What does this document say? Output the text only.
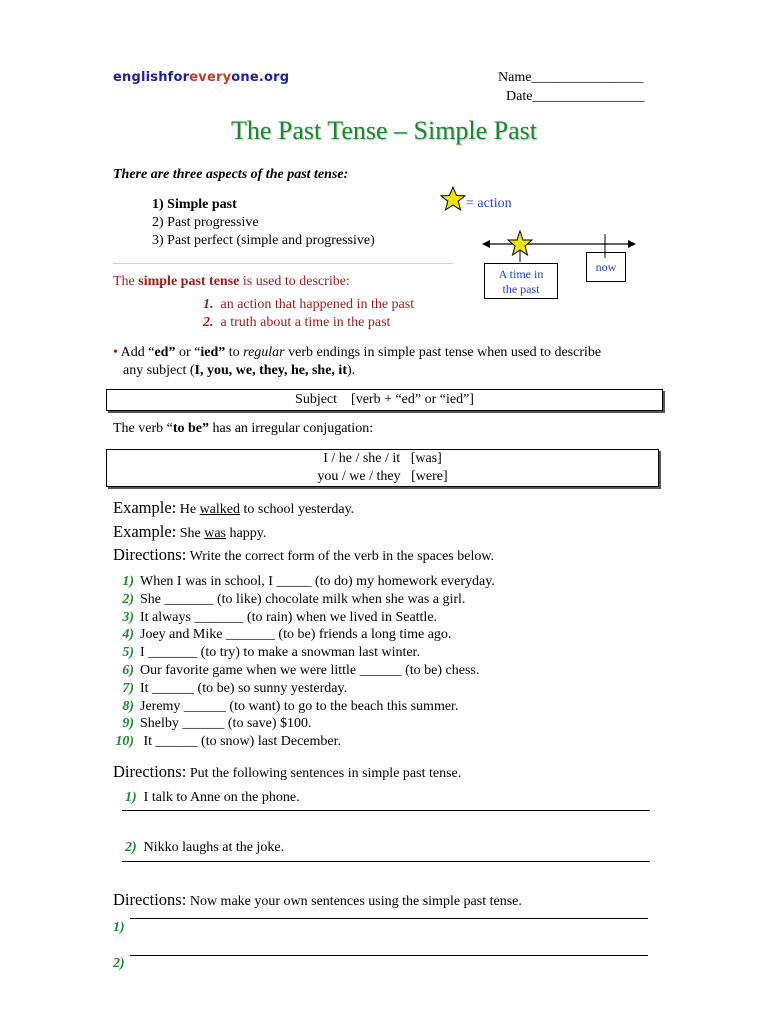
englishforeveryone.org	Name________________
Date________________
The Past Tense – Simple Past
There are three aspects of the past tense:
1) Simple past
2) Past progressive
3) Past perfect (simple and progressive)
= action
A time in
the past
now
The simple past tense is used to describe:
1. an action that happened in the past
2. a truth about a time in the past
• Add “ed” or “ied” to regular verb endings in simple past tense when used to describe
any subject (I, you, we, they, he, she, it).
Subject [verb + “ed” or “ied”]
The verb “to be” has an irregular conjugation:
I / he / she / it   [was]
you / we / they   [were]
Example: He walked to school yesterday.
Example: She was happy.
Directions: Write the correct form of the verb in the spaces below.
1) When I was in school, I _____ (to do) my homework everyday.
2) She _______ (to like) chocolate milk when she was a girl.
3) It always _______ (to rain) when we lived in Seattle.
4) Joey and Mike _______ (to be) friends a long time ago.
5) I _______ (to try) to make a snowman last winter.
6) Our favorite game when we were little ______ (to be) chess.
7) It ______ (to be) so sunny yesterday.
8) Jeremy ______ (to want) to go to the beach this summer.
9) Shelby ______ (to save) $100.
10) It ______ (to snow) last December.
Directions: Put the following sentences in simple past tense.
1) I talk to Anne on the phone.
2) Nikko laughs at the joke.
Directions: Now make your own sentences using the simple past tense.
1)
2)
